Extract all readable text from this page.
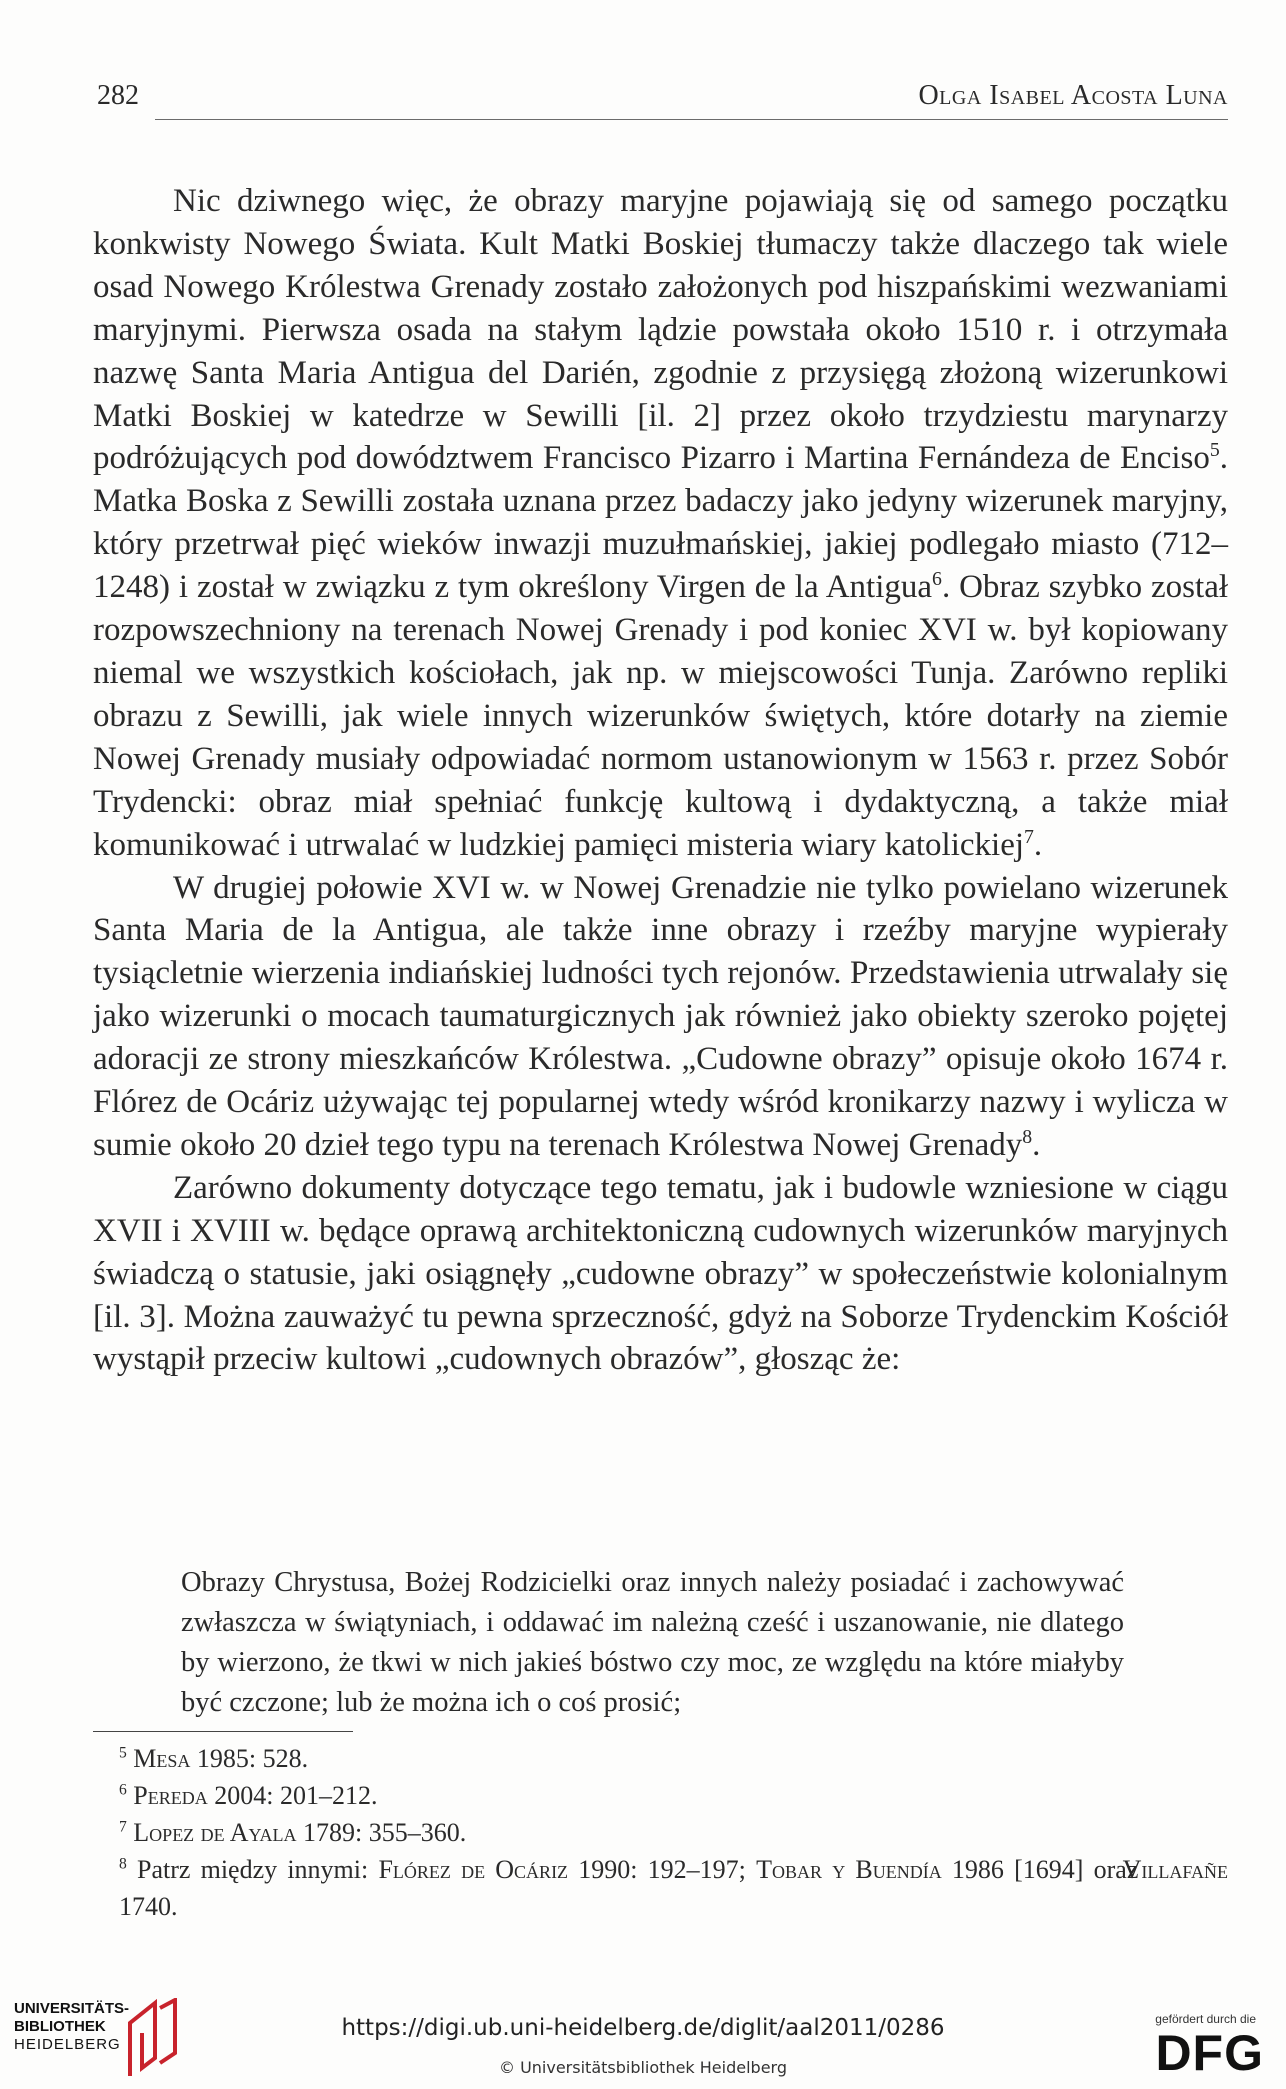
282	Olga Isabel Acosta Luna

Nic dziwnego więc, że obrazy maryjne pojawiają się od samego początku konkwisty Nowego Świata. Kult Matki Boskiej tłumaczy także dlaczego tak wiele osad Nowego Królestwa Grenady zostało założonych pod hiszpańskimi wezwaniami maryjnymi. Pierwsza osada na stałym lądzie powstała około 1510 r. i otrzymała nazwę Santa Maria Antigua del Darién, zgodnie z przysięgą złożoną wizerunkowi Matki Boskiej w katedrze w Sewilli [il. 2] przez około trzydziestu marynarzy podróżujących pod dowództwem Francisco Pizarro i Martina Fernándeza de Enciso$^5$. Matka Boska z Sewilli została uznana przez badaczy jako jedyny wizerunek maryjny, który przetrwał pięć wieków inwazji muzułmańskiej, jakiej podlegało miasto (712–1248) i został w związku z tym określony Virgen de la Antigua$^6$. Obraz szybko został rozpowszechniony na terenach Nowej Grenady i pod koniec XVI w. był kopiowany niemal we wszystkich kościołach, jak np. w miejscowości Tunja. Zarówno repliki obrazu z Sewilli, jak wiele innych wizerunków świętych, które dotarły na ziemie Nowej Grenady musiały odpowiadać normom ustanowionym w 1563 r. przez Sobór Trydencki: obraz miał spełniać funkcję kultową i dydaktyczną, a także miał komunikować i utrwalać w ludzkiej pamięci misteria wiary katolickiej$^7$.

W drugiej połowie XVI w. w Nowej Grenadzie nie tylko powielano wizerunek Santa Maria de la Antigua, ale także inne obrazy i rzeźby maryjne wypierały tysiącletnie wierzenia indiańskiej ludności tych rejonów. Przedstawienia utrwalały się jako wizerunki o mocach taumaturgicznych jak również jako obiekty szeroko pojętej adoracji ze strony mieszkańców Królestwa. „Cudowne obrazy” opisuje około 1674 r. Flórez de Ocáriz używając tej popularnej wtedy wśród kronikarzy nazwy i wylicza w sumie około 20 dzieł tego typu na terenach Królestwa Nowej Grenady$^8$.

Zarówno dokumenty dotyczące tego tematu, jak i budowle wzniesione w ciągu XVII i XVIII w. będące oprawą architektoniczną cudownych wizerunków maryjnych świadczą o statusie, jaki osiągnęły „cudowne obrazy” w społeczeństwie kolonialnym [il. 3]. Można zauważyć tu pewna sprzeczność, gdyż na Soborze Trydenckim Kościół wystąpił przeciw kultowi „cudownych obrazów”, głosząc że:

Obrazy Chrystusa, Bożej Rodzicielki oraz innych należy posiadać i zachowywać zwłaszcza w świątyniach, i oddawać im należną cześć i uszanowanie, nie dlatego by wierzono, że tkwi w nich jakieś bóstwo czy moc, ze względu na które miałyby być czczone; lub że można ich o coś prosić;
$^5$ Mesa 1985: 528.
$^6$ Pereda 2004: 201–212.
$^7$ Lopez de Ayala 1789: 355–360.
$^8$ Patrz między innymi: Flórez de Ocáriz 1990: 192–197; Tobar y Buendía 1986 [1694] oraz Villafañe 1740.
UNIVERSITÄTS-
BIBLIOTHEK
HEIDELBERG
https://digi.ub.uni-heidelberg.de/diglit/aal2011/0286
© Universitätsbibliothek Heidelberg
gefördert durch die
DFG
